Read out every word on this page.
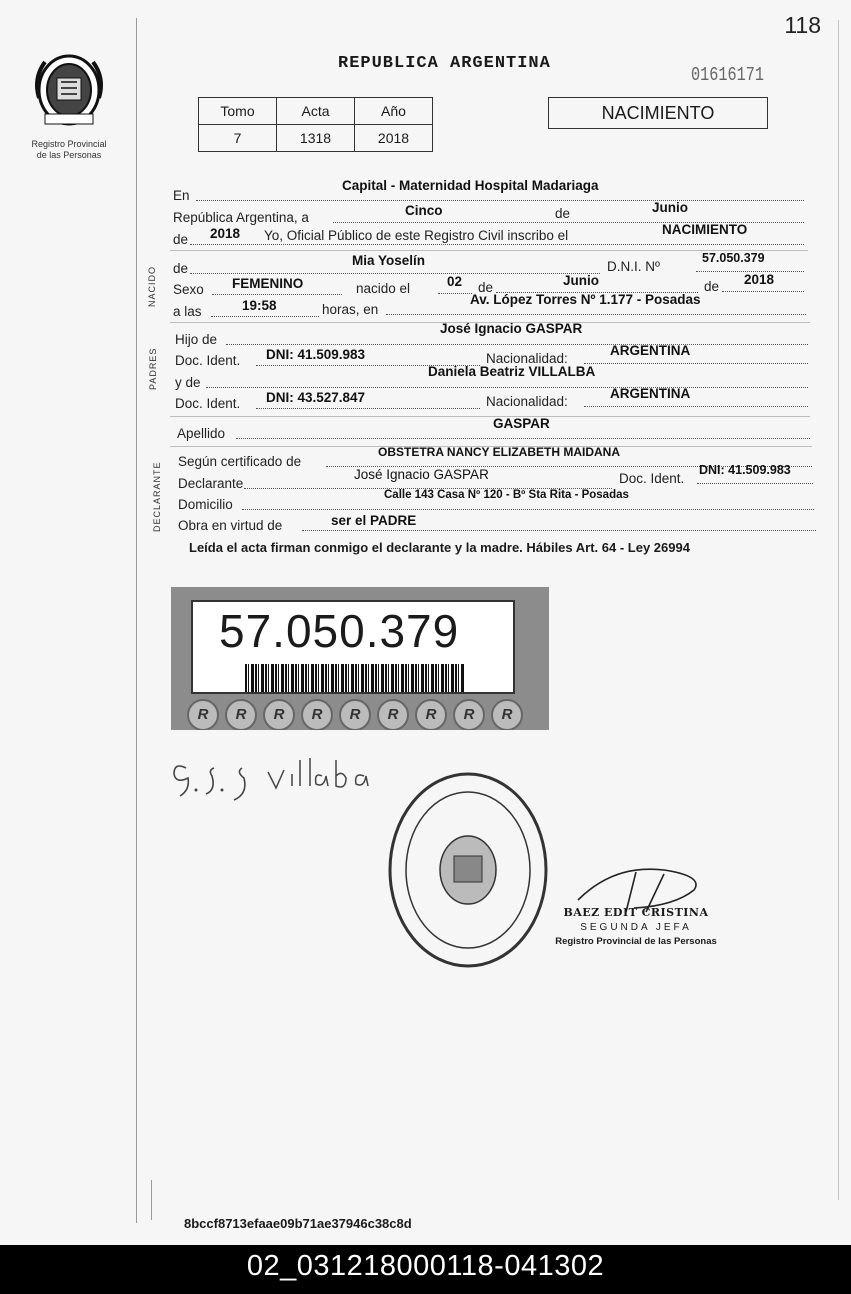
118
Registro Provincial
de las Personas
REPUBLICA ARGENTINA
01616171
Tomo	Acta	Año
7	1318	2018
NACIMIENTO
En
Capital - Maternidad Hospital Madariaga
República Argentina, a	Cinco	de	Junio
de 2018 Yo, Oficial Público de este Registro Civil inscribo el	NACIMIENTO
NACIDO de
Mia Yoselín	D.N.I. Nº
57.050.379
Sexo FEMENINO	nacido el	02 de	Junio	de 2018
a las	19:58	horas, en
Av. López Torres Nº 1.177 - Posadas
PADRES
Hijo de
José Ignacio GASPAR
Doc. Ident. DNI: 41.509.983	Nacionalidad:
ARGENTINA
y de
Daniela Beatriz VILLALBA
Doc. Ident. DNI: 43.527.847	Nacionalidad:
ARGENTINA
Apellido
GASPAR
DECLARANTE Según certificado de
OBSTETRA NANCY ELIZABETH MAIDANA
Declarante
José Ignacio GASPAR	Doc. Ident.
DNI: 41.509.983
Domicilio
Calle 143 Casa Nº 120 - Bº Sta Rita - Posadas
Obra en virtud de	ser el PADRE
Leída el acta firman conmigo el declarante y la madre. Hábiles Art. 64 - Ley 26994
57.050.379
R	R	R	R	R	R	R	R	R
BAEZ EDIT CRISTINA
SEGUNDA JEFA
Registro Provincial de las Personas
8bccf8713efaae09b71ae37946c38c8d
02_031218000118-041302
